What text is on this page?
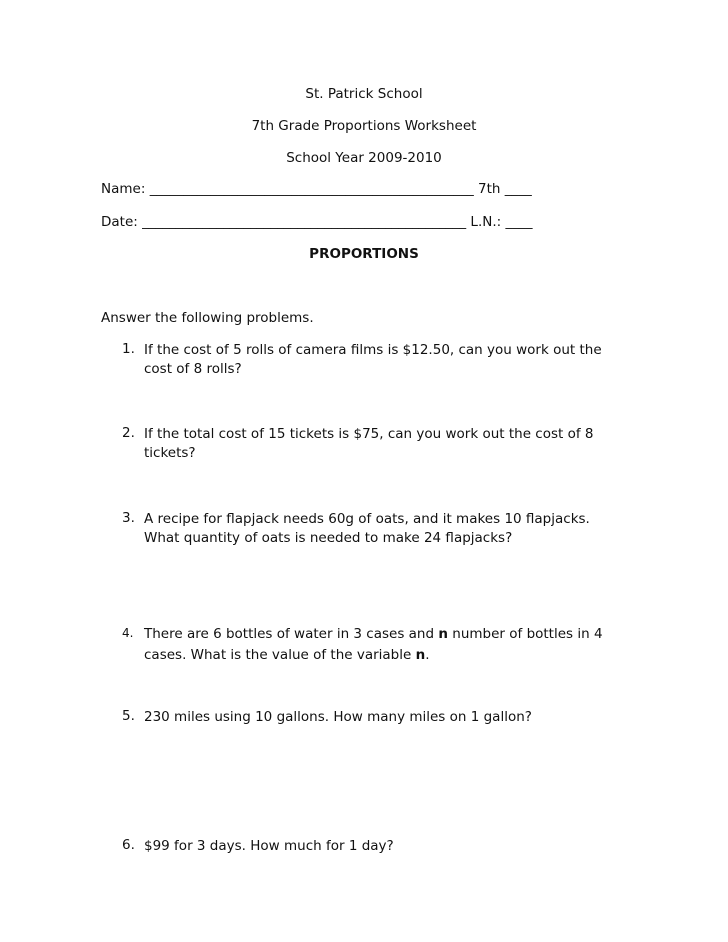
St. Patrick School
7th Grade Proportions Worksheet
School Year 2009-2010
Name: ________________________________________________ 7th ____
Date: ________________________________________________ L.N.: ____
PROPORTIONS
Answer the following problems.
1. If the cost of 5 rolls of camera films is $12.50, can you work out the cost of 8 rolls?
2. If the total cost of 15 tickets is $75, can you work out the cost of 8 tickets?
3. A recipe for flapjack needs 60g of oats, and it makes 10 flapjacks. What quantity of oats is needed to make 24 flapjacks?
4. There are 6 bottles of water in 3 cases and n number of bottles in 4 cases. What is the value of the variable n.
5. 230 miles using 10 gallons. How many miles on 1 gallon?
6. $99 for 3 days. How much for 1 day?
